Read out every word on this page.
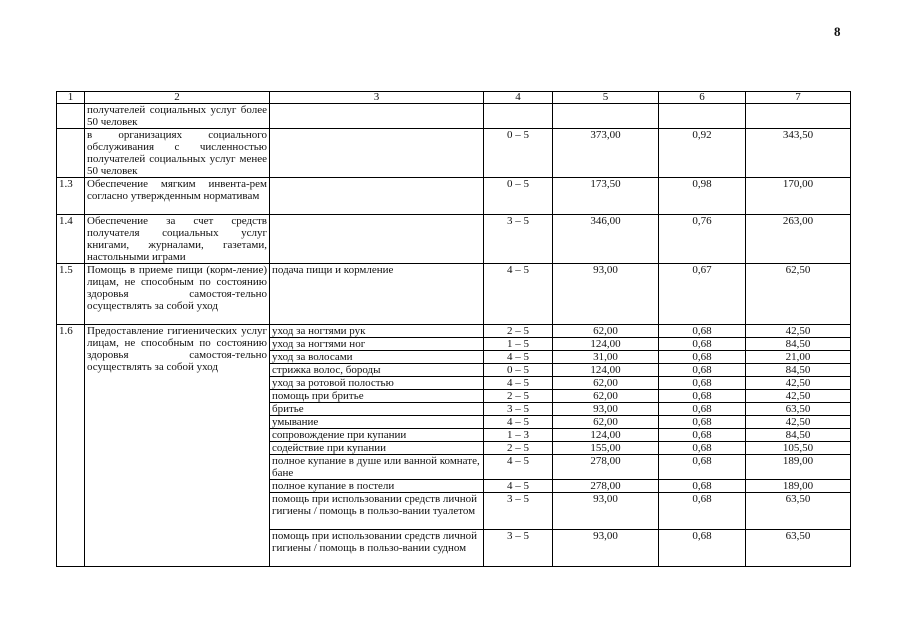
8
1	2	3	4	5	6	7
	получателей социальных услуг более 50 человек					
	в организациях социального обслуживания с численностью получателей социальных услуг менее 50 человек		0 – 5	373,00	0,92	343,50
1.3	Обеспечение мягким инвента-рем согласно утвержденным нормативам		0 – 5	173,50	0,98	170,00
1.4	Обеспечение за счет средств получателя социальных услуг книгами, журналами, газетами, настольными играми		3 – 5	346,00	0,76	263,00
1.5	Помощь в приеме пищи (корм-ление) лицам, не способным по состоянию здоровья самостоя-тельно осуществлять за собой уход	подача пищи и кормление	4 – 5	93,00	0,67	62,50
1.6	Предоставление гигиенических услуг лицам, не способным по состоянию здоровья самостоя-тельно осуществлять за собой уход	уход за ногтями рук	2 – 5	62,00	0,68	42,50
		уход за ногтями ног	1 – 5	124,00	0,68	84,50
		уход за волосами	4 – 5	31,00	0,68	21,00
		стрижка волос, бороды	0 – 5	124,00	0,68	84,50
		уход за ротовой полостью	4 – 5	62,00	0,68	42,50
		помощь при бритье	2 – 5	62,00	0,68	42,50
		бритье	3 – 5	93,00	0,68	63,50
		умывание	4 – 5	62,00	0,68	42,50
		сопровождение при купании	1 – 3	124,00	0,68	84,50
		содействие при купании	2 – 5	155,00	0,68	105,50
		полное купание в душе или ванной комнате, бане	4 – 5	278,00	0,68	189,00
		полное купание в постели	4 – 5	278,00	0,68	189,00
		помощь при использовании средств личной гигиены / помощь в пользо-вании туалетом	3 – 5	93,00	0,68	63,50
		помощь при использовании средств личной гигиены / помощь в пользо-вании судном	3 – 5	93,00	0,68	63,50
